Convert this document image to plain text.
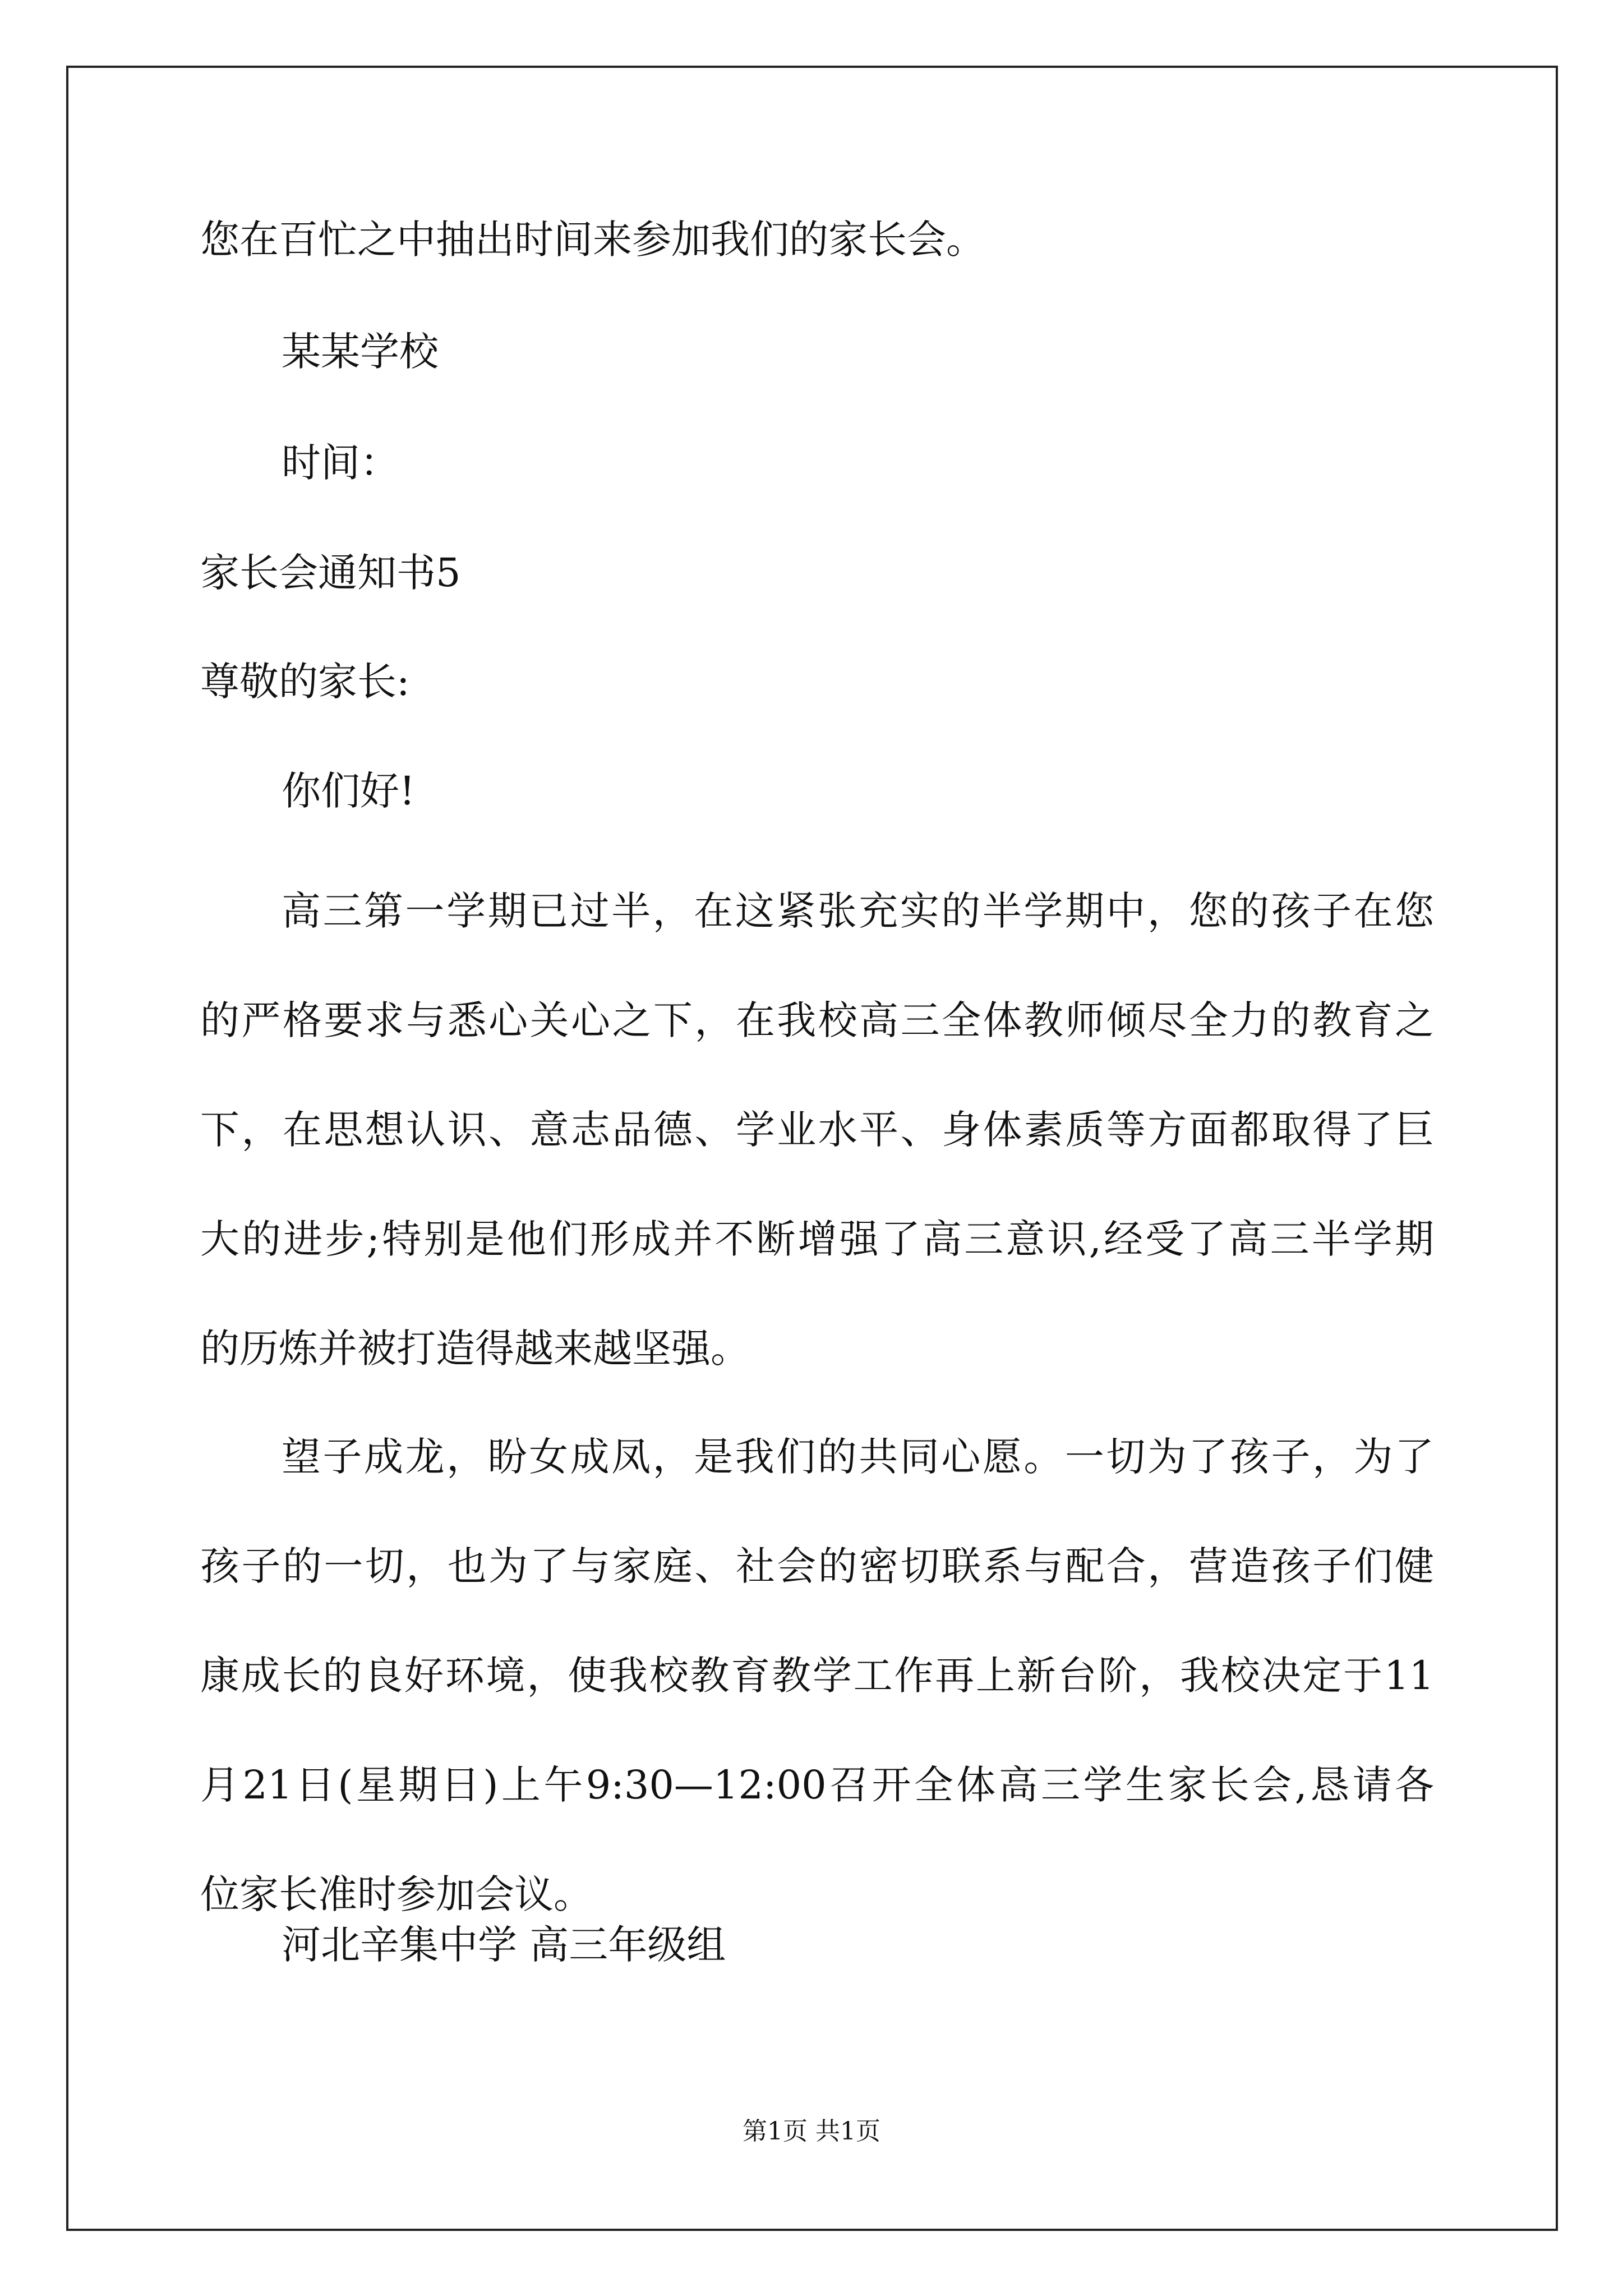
您在百忙之中抽出时间来参加我们的家长会。
某某学校
时间：
家长会通知书5
尊敬的家长:
你们好!
高三第一学期已过半，在这紧张充实的半学期中，您的孩子在您
的严格要求与悉心关心之下，在我校高三全体教师倾尽全力的教育之
下，在思想认识、意志品德、学业水平、身体素质等方面都取得了巨
大的进步;特别是他们形成并不断增强了高三意识,经受了高三半学期
的历炼并被打造得越来越坚强。
望子成龙，盼女成凤，是我们的共同心愿。一切为了孩子，为了
孩子的一切，也为了与家庭、社会的密切联系与配合，营造孩子们健
康成长的良好环境，使我校教育教学工作再上新台阶，我校决定于11
月21日(星期日)上午9:30—12:00召开全体高三学生家长会,恳请各
位家长准时参加会议。
河北辛集中学 高三年级组
第1页 共1页
